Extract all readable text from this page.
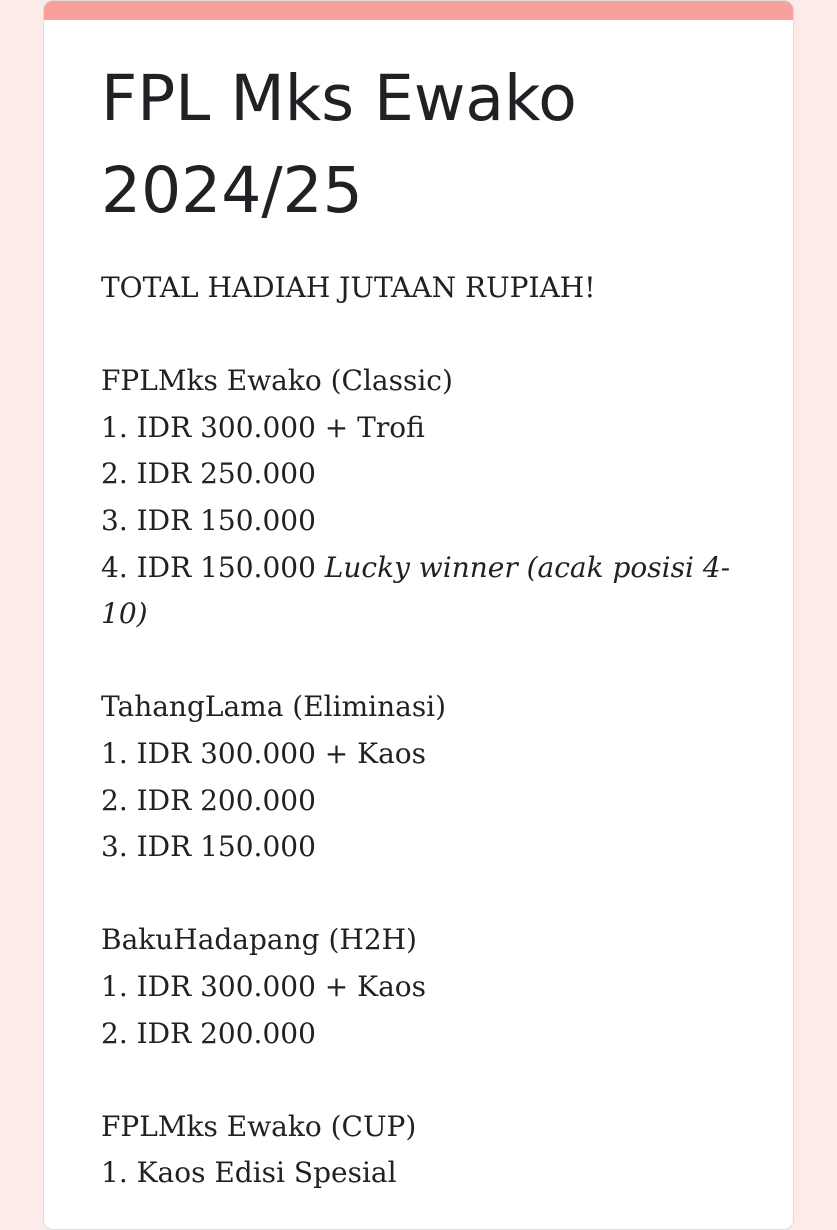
FPL Mks Ewako 2024/25

TOTAL HADIAH JUTAAN RUPIAH!

FPLMks Ewako (Classic)

1. IDR 300.000 + Trofi

2. IDR 250.000

3. IDR 150.000

4. IDR 150.000 Lucky winner (acak posisi 4-10)

TahangLama (Eliminasi)

1. IDR 300.000 + Kaos

2. IDR 200.000

3. IDR 150.000

BakuHadapang (H2H)

1. IDR 300.000 + Kaos

2. IDR 200.000

FPLMks Ewako (CUP)

1. Kaos Edisi Spesial
